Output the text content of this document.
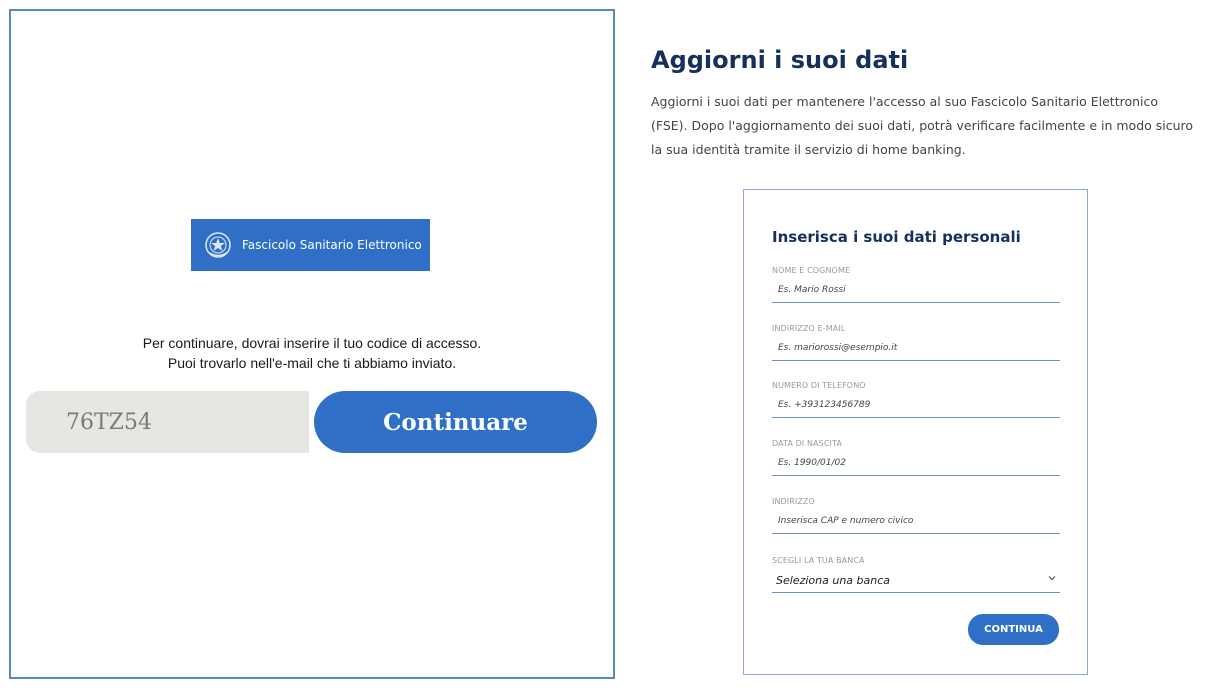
Fascicolo Sanitario Elettronico
Per continuare, dovrai inserire il tuo codice di accesso.
Puoi trovarlo nell'e-mail che ti abbiamo inviato.
76TZ54
Continuare
Aggiorni i suoi dati
Aggiorni i suoi dati per mantenere l'accesso al suo Fascicolo Sanitario Elettronico
(FSE). Dopo l'aggiornamento dei suoi dati, potrà verificare facilmente e in modo sicuro
la sua identità tramite il servizio di home banking.
Inserisca i suoi dati personali
NOME E COGNOME
Es. Mario Rossi
INDIRIZZO E-MAIL
Es. mariorossi@esempio.it
NUMERO DI TELEFONO
Es. +393123456789
DATA DI NASCITA
Es. 1990/01/02
INDIRIZZO
Inserisca CAP e numero civico
SCEGLI LA TUA BANCA
Seleziona una banca
CONTINUA
